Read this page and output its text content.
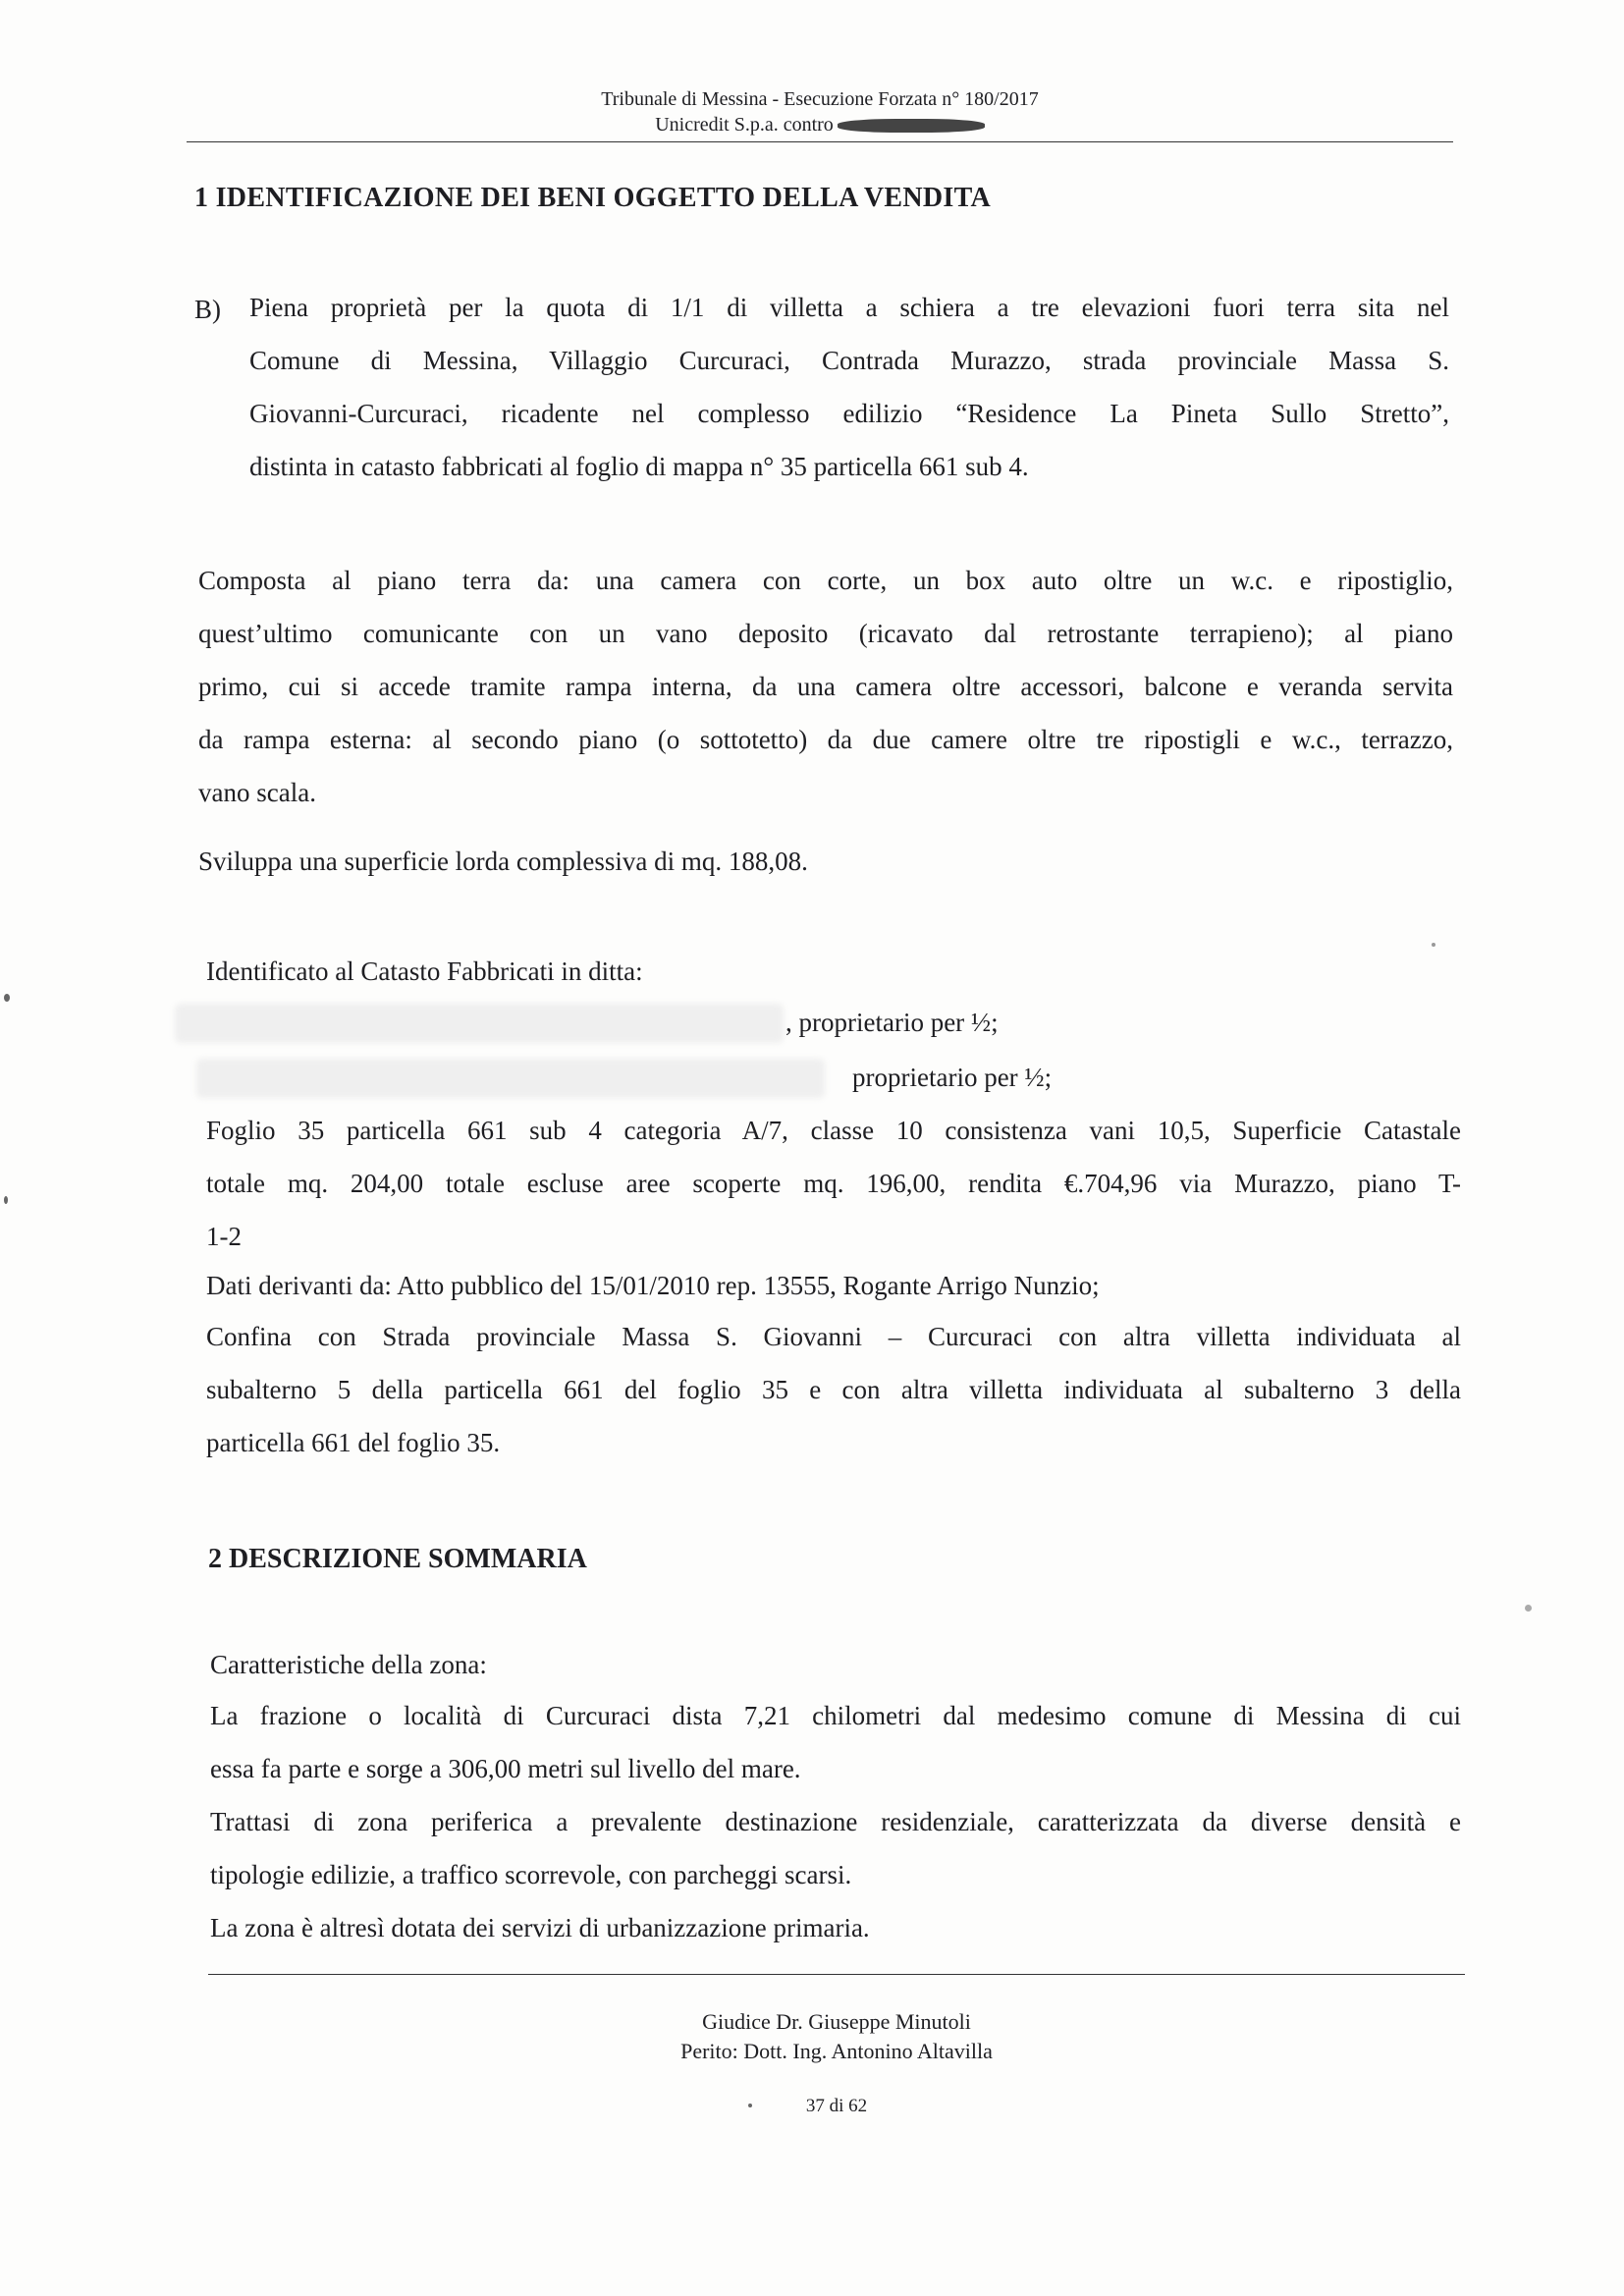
Tribunale di Messina - Esecuzione Forzata n° 180/2017
Unicredit S.p.a. contro
1 IDENTIFICAZIONE DEI BENI OGGETTO DELLA VENDITA
B) Piena proprietà per la quota di 1/1 di villetta a schiera a tre elevazioni fuori terra sita nel
Comune di Messina, Villaggio Curcuraci, Contrada Murazzo, strada provinciale Massa S.
Giovanni-Curcuraci, ricadente nel complesso edilizio “Residence La Pineta Sullo Stretto”,
distinta in catasto fabbricati al foglio di mappa n° 35 particella 661 sub 4.
Composta al piano terra da: una camera con corte, un box auto oltre un w.c. e ripostiglio,
quest’ultimo comunicante con un vano deposito (ricavato dal retrostante terrapieno); al piano
primo, cui si accede tramite rampa interna, da una camera oltre accessori, balcone e veranda servita
da rampa esterna: al secondo piano (o sottotetto) da due camere oltre tre ripostigli e w.c., terrazzo,
vano scala.
Sviluppa una superficie lorda complessiva di mq. 188,08.
Identificato al Catasto Fabbricati in ditta:
, proprietario per ½;
proprietario per ½;
Foglio 35 particella 661 sub 4 categoria A/7, classe 10 consistenza vani 10,5, Superficie Catastale
totale mq. 204,00 totale escluse aree scoperte mq. 196,00, rendita €.704,96 via Murazzo, piano T-
1-2
Dati derivanti da: Atto pubblico del 15/01/2010 rep. 13555, Rogante Arrigo Nunzio;
Confina con Strada provinciale Massa S. Giovanni – Curcuraci con altra villetta individuata al
subalterno 5 della particella 661 del foglio 35 e con altra villetta individuata al subalterno 3 della
particella 661 del foglio 35.
2 DESCRIZIONE SOMMARIA
Caratteristiche della zona:
La frazione o località di Curcuraci dista 7,21 chilometri dal medesimo comune di Messina di cui
essa fa parte e sorge a 306,00 metri sul livello del mare.
Trattasi di zona periferica a prevalente destinazione residenziale, caratterizzata da diverse densità e
tipologie edilizie, a traffico scorrevole, con parcheggi scarsi.
La zona è altresì dotata dei servizi di urbanizzazione primaria.
Giudice Dr. Giuseppe Minutoli
Perito: Dott. Ing. Antonino Altavilla
37 di 62
